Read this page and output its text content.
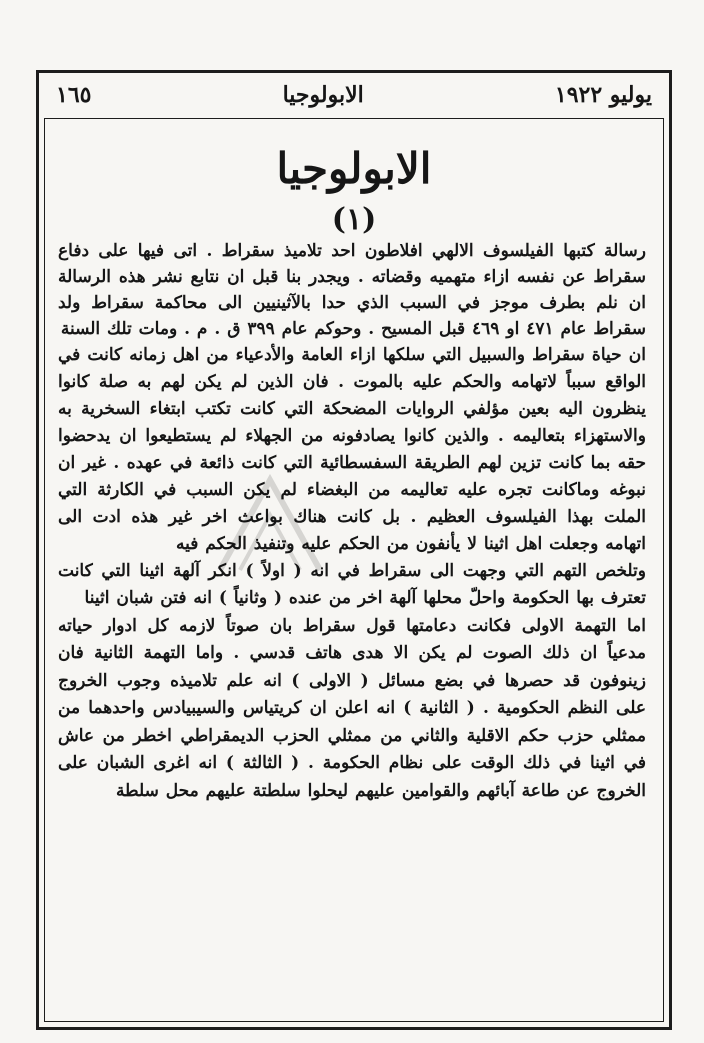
يوليو ١٩٢٢
الابولوجيا
١٦٥
الابولوجيا
(١)

رسالة كتبها الفيلسوف الالهي افلاطون احد تلاميذ سقراط . اتى فيها على دفاع سقراط عن نفسه ازاء متهميه وقضاته . ويجدر بنا قبل ان نتابع نشر هذه الرسالة ان نلم بطرف موجز في السبب الذي حدا بالآثينيين الى محاكمة سقراط ولد سقراط عام ٤٧١ او ٤٦٩ قبل المسيح . وحوكم عام ٣٩٩ ق . م . ومات تلك السنة

ان حياة سقراط والسبيل التي سلكها ازاء العامة والأدعياء من اهل زمانه كانت في الواقع سبباً لاتهامه والحكم عليه بالموت . فان الذين لم يكن لهم به صلة كانوا ينظرون اليه بعين مؤلفي الروايات المضحكة التي كانت تكتب ابتغاء السخرية به والاستهزاء بتعاليمه . والذين كانوا يصادفونه من الجهلاء لم يستطيعوا ان يدحضوا حقه بما كانت تزين لهم الطريقة السفسطائية التي كانت ذائعة في عهده . غير ان نبوغه وماكانت تجره عليه تعاليمه من البغضاء لم يكن السبب في الكارثة التي الملت بهذا الفيلسوف العظيم . بل كانت هناك بواعث اخر غير هذه ادت الى اتهامه وجعلت اهل اثينا لا يأنفون من الحكم عليه وتنفيذ الحكم فيه

وتلخص التهم التي وجهت الى سقراط في انه ( اولاً ) انكر آلهة اثينا التي كانت تعترف بها الحكومة واحلّ محلها آلهة اخر من عنده ( وثانياً ) انه فتن شبان اثينا

اما التهمة الاولى فكانت دعامتها قول سقراط بان صوتاً لازمه كل ادوار حياته مدعياً ان ذلك الصوت لم يكن الا هدى هاتف قدسي . واما التهمة الثانية فان زينوفون قد حصرها في بضع مسائل ( الاولى ) انه علم تلاميذه وجوب الخروج على النظم الحكومية . ( الثانية ) انه اعلن ان كريتياس والسيبيادس واحدهما من ممثلي حزب حكم الاقلية والثاني من ممثلي الحزب الديمقراطي اخطر من عاش في اثينا في ذلك الوقت على نظام الحكومة . ( الثالثة ) انه اغرى الشبان على الخروج عن طاعة آبائهم والقوامين عليهم ليحلوا سلطتة عليهم محل سلطة
